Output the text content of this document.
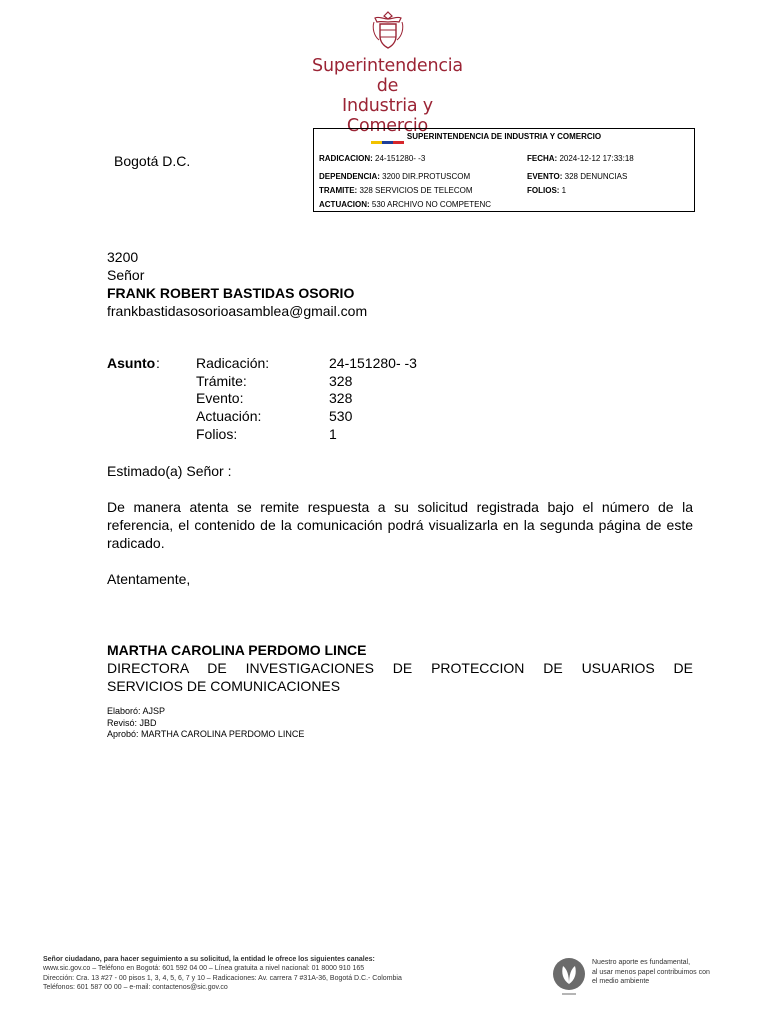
Superintendencia de
Industria y Comercio
Bogotá D.C.
SUPERINTENDENCIA DE INDUSTRIA Y COMERCIO
RADICACION: 24-151280- -3	FECHA: 2024-12-12 17:33:18
DEPENDENCIA: 3200 DIR.PROTUSCOM	EVENTO: 328 DENUNCIAS
TRAMITE: 328 SERVICIOS DE TELECOM	FOLIOS: 1
ACTUACION: 530 ARCHIVO NO COMPETENC
3200
Señor
FRANK ROBERT BASTIDAS OSORIO
frankbastidasosorioasamblea@gmail.com
Asunto :	Radicación:	24-151280- -3
Trámite:	328
Evento:	328
Actuación:	530
Folios:	1
Estimado(a) Señor :
De manera atenta se remite respuesta a su solicitud registrada bajo el número de la referencia, el contenido de la comunicación podrá visualizarla en la segunda página de este radicado.
Atentamente,
MARTHA CAROLINA PERDOMO LINCE
DIRECTORA DE INVESTIGACIONES DE PROTECCION DE USUARIOS DE
SERVICIOS DE COMUNICACIONES
Elaboró: AJSP
Revisó: JBD
Aprobó: MARTHA CAROLINA PERDOMO LINCE
Señor ciudadano, para hacer seguimiento a su solicitud, la entidad le ofrece los siguientes canales:
www.sic.gov.co – Teléfono en Bogotá: 601 592 04 00 – Línea gratuita a nivel nacional: 01 8000 910 165
Dirección: Cra. 13 #27 - 00 pisos 1, 3, 4, 5, 6, 7 y 10 – Radicaciones: Av. carrera 7 #31A-36, Bogotá D.C.- Colombia
Teléfonos: 601 587 00 00 – e-mail: contactenos@sic.gov.co
Nuestro aporte es fundamental,
al usar menos papel contribuimos con
el medio ambiente
